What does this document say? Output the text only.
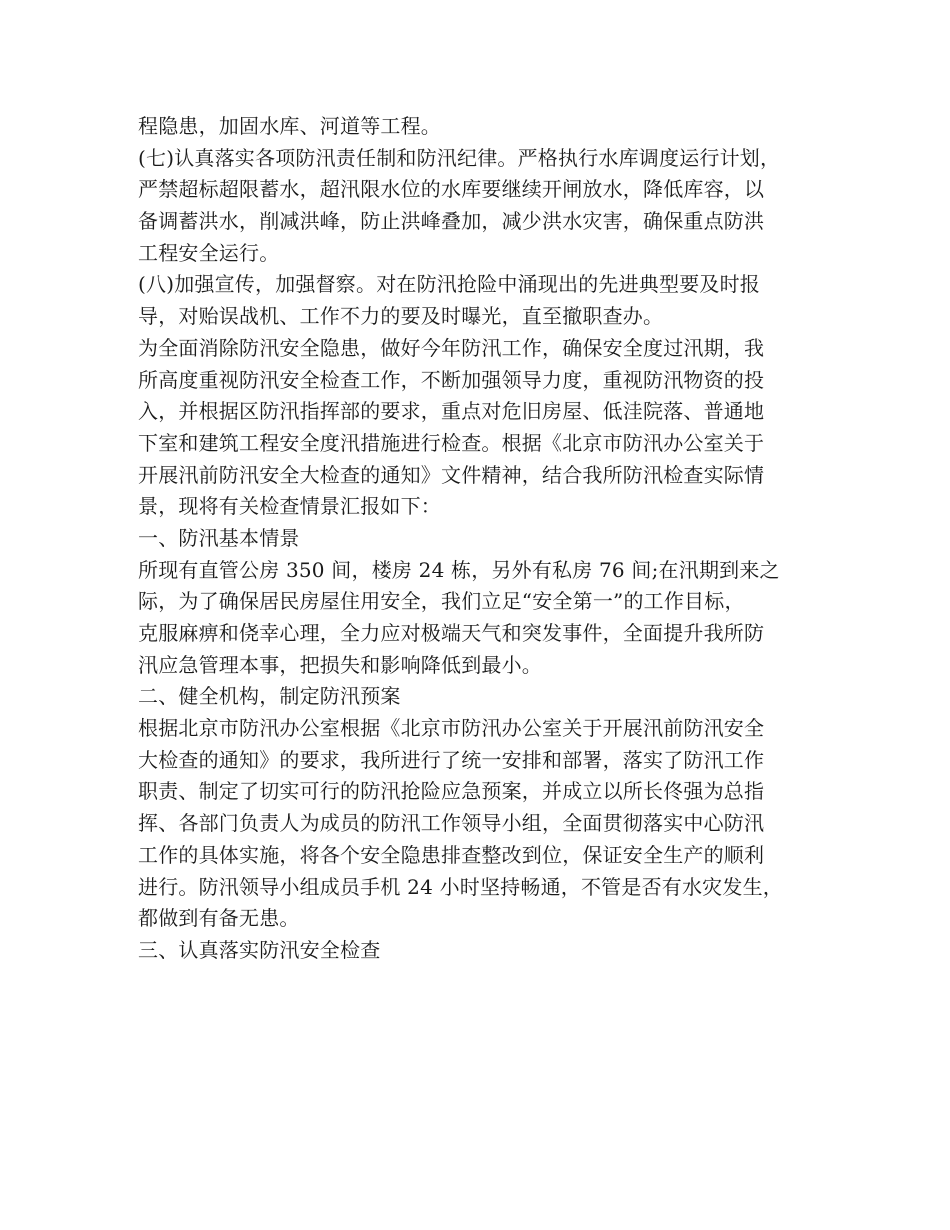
程隐患，加固水库、河道等工程。
(七)认真落实各项防汛责任制和防汛纪律。严格执行水库调度运行计划，
严禁超标超限蓄水，超汛限水位的水库要继续开闸放水，降低库容，以
备调蓄洪水，削减洪峰，防止洪峰叠加，减少洪水灾害，确保重点防洪
工程安全运行。
(八)加强宣传，加强督察。对在防汛抢险中涌现出的先进典型要及时报
导，对贻误战机、工作不力的要及时曝光，直至撤职查办。
为全面消除防汛安全隐患，做好今年防汛工作，确保安全度过汛期，我
所高度重视防汛安全检查工作，不断加强领导力度，重视防汛物资的投
入，并根据区防汛指挥部的要求，重点对危旧房屋、低洼院落、普通地
下室和建筑工程安全度汛措施进行检查。根据《北京市防汛办公室关于
开展汛前防汛安全大检查的通知》文件精神，结合我所防汛检查实际情
景，现将有关检查情景汇报如下：
一、防汛基本情景
所现有直管公房 350 间，楼房 24 栋，另外有私房 76 间;在汛期到来之
际，为了确保居民房屋住用安全，我们立足“安全第一”的工作目标，
克服麻痹和侥幸心理，全力应对极端天气和突发事件，全面提升我所防
汛应急管理本事，把损失和影响降低到最小。
二、健全机构，制定防汛预案
根据北京市防汛办公室根据《北京市防汛办公室关于开展汛前防汛安全
大检查的通知》的要求，我所进行了统一安排和部署，落实了防汛工作
职责、制定了切实可行的防汛抢险应急预案，并成立以所长佟强为总指
挥、各部门负责人为成员的防汛工作领导小组，全面贯彻落实中心防汛
工作的具体实施，将各个安全隐患排查整改到位，保证安全生产的顺利
进行。防汛领导小组成员手机 24 小时坚持畅通，不管是否有水灾发生，
都做到有备无患。
三、认真落实防汛安全检查
